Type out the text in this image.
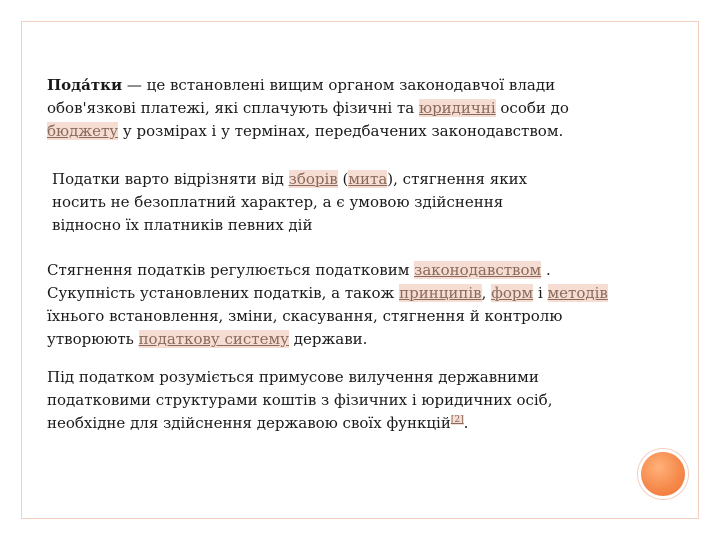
Пода́тки — це встановлені вищим органом законодавчої влади
обов'язкові платежі, які сплачують фізичні та юридичні особи до
бюджету у розмірах і у термінах, передбачених законодавством.

Податки варто відрізняти від зборів (мита), стягнення яких
носить не безоплатний характер, а є умовою здійснення
відносно їх платників певних дій

Стягнення податків регулюється податковим законодавством .
Сукупність установлених податків, а також принципів, форм і методів
їхнього встановлення, зміни, скасування, стягнення й контролю
утворюють податкову систему держави.

Під податком розуміється примусове вилучення державними
податковими структурами коштів з фізичних і юридичних осіб,
необхідне для здійснення державою своїх функцій[2].
